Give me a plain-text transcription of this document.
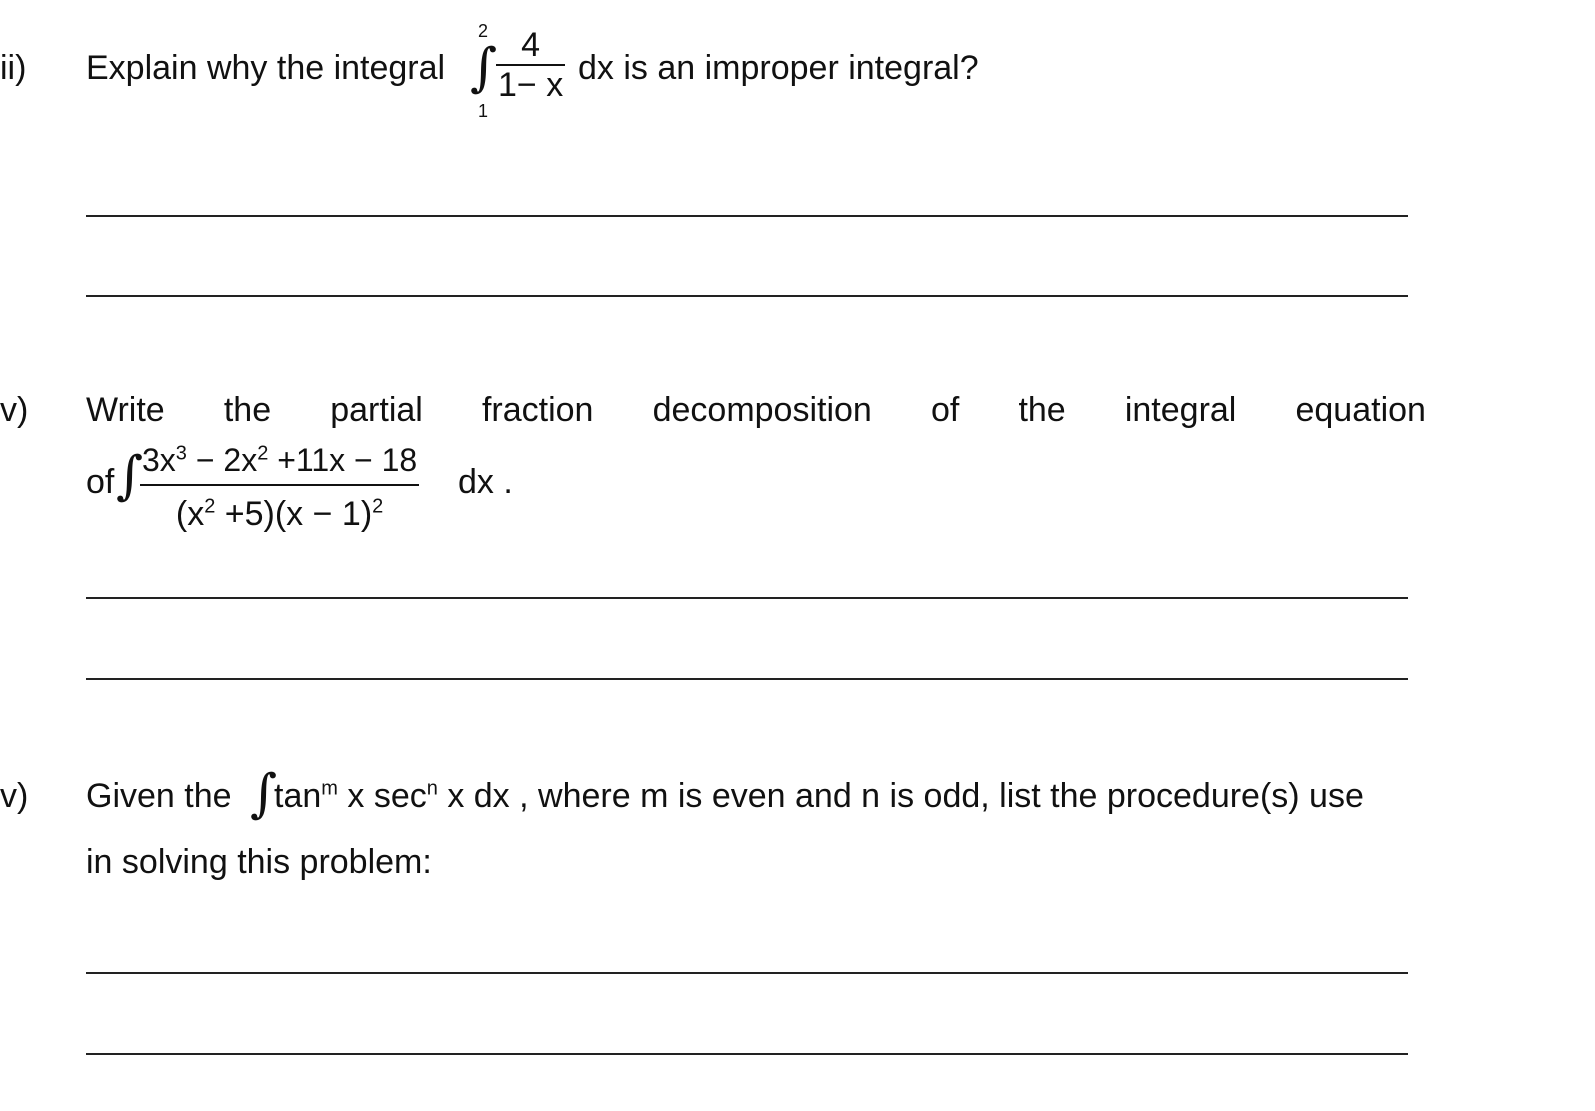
ii) Explain why the integral
2
∫
1
$\frac{4}{1- x}$ dx is an improper integral?
v) Write the partial fraction decomposition of the integral equation
of ∫
$\frac{3x^3 - 2x^2 +11x - 18}{(x^2 +5)(x - 1)^2}$ dx .
v) Given the ∫
$\tan^m x$ $\sec^n x$ dx , where m is even and n is odd, list the procedure(s) use
in solving this problem:
